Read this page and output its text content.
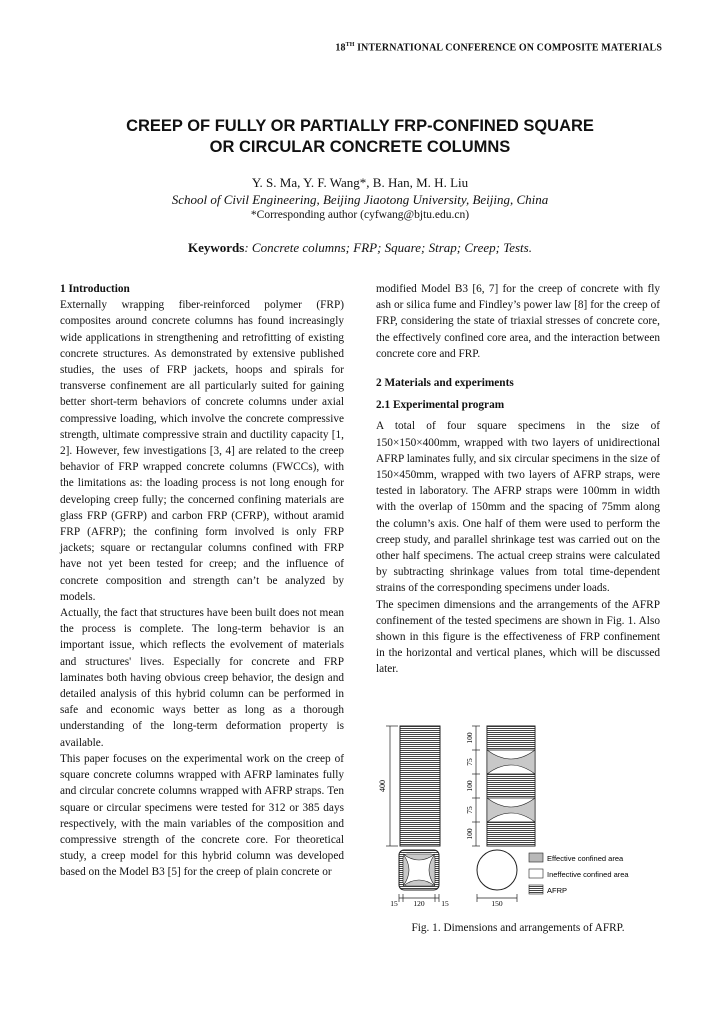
18TH INTERNATIONAL CONFERENCE ON COMPOSITE MATERIALS
CREEP OF FULLY OR PARTIALLY FRP-CONFINED SQUARE
OR CIRCULAR CONCRETE COLUMNS
Y. S. Ma, Y. F. Wang*, B. Han, M. H. Liu
School of Civil Engineering, Beijing Jiaotong University, Beijing, China
*Corresponding author (cyfwang@bjtu.edu.cn)
Keywords: Concrete columns; FRP; Square; Strap; Creep; Tests.
1 Introduction

Externally wrapping fiber-reinforced polymer (FRP) composites around concrete columns has found increasingly wide applications in strengthening and retrofitting of existing concrete structures. As demonstrated by extensive published studies, the uses of FRP jackets, hoops and spirals for transverse confinement are all particularly suited for gaining better short-term behaviors of concrete columns under axial compressive loading, which involve the concrete compressive strength, ultimate compressive strain and ductility capacity [1, 2]. However, few investigations [3, 4] are related to the creep behavior of FRP wrapped concrete columns (FWCCs), with the limitations as: the loading process is not long enough for developing creep fully; the concerned confining materials are glass FRP (GFRP) and carbon FRP (CFRP), without aramid FRP (AFRP); the confining form involved is only FRP jackets; square or rectangular columns confined with FRP have not yet been tested for creep; and the influence of concrete composition and strength can’t be analyzed by models.

Actually, the fact that structures have been built does not mean the process is complete. The long-term behavior is an important issue, which reflects the evolvement of materials and structures' lives. Especially for concrete and FRP laminates both having obvious creep behavior, the design and detailed analysis of this hybrid column can be performed in safe and economic ways better as long as a thorough understanding of the long-term deformation property is available.

This paper focuses on the experimental work on the creep of square concrete columns wrapped with AFRP laminates fully and circular concrete columns wrapped with AFRP straps. Ten square or circular specimens were tested for 312 or 385 days respectively, with the main variables of the composition and compressive strength of the concrete core. For theoretical study, a creep model for this hybrid column was developed based on the Model B3 [5] for the creep of plain concrete or

modified Model B3 [6, 7] for the creep of concrete with fly ash or silica fume and Findley’s power law [8] for the creep of FRP, considering the state of triaxial stresses of concrete core, the effectively confined core area, and the interaction between concrete core and FRP.

2 Materials and experiments
2.1 Experimental program

A total of four square specimens in the size of 150×150×400mm, wrapped with two layers of unidirectional AFRP laminates fully, and six circular specimens in the size of 150×450mm, wrapped with two layers of AFRP straps, were tested in laboratory. The AFRP straps were 100mm in width with the overlap of 150mm and the spacing of 75mm along the column’s axis. One half of them were used to perform the creep study, and parallel shrinkage test was carried out on the other half specimens. The actual creep strains were calculated by subtracting shrinkage values from total time-dependent strains of the corresponding specimens under loads.

The specimen dimensions and the arrangements of the AFRP confinement of the tested specimens are shown in Fig. 1. Also shown in this figure is the effectiveness of FRP confinement in the horizontal and vertical planes, which will be discussed later.

400
100
75
100
75
100
15 120 15	150
Effective confined area
Ineffective confined area
AFRP
Fig. 1. Dimensions and arrangements of AFRP.
